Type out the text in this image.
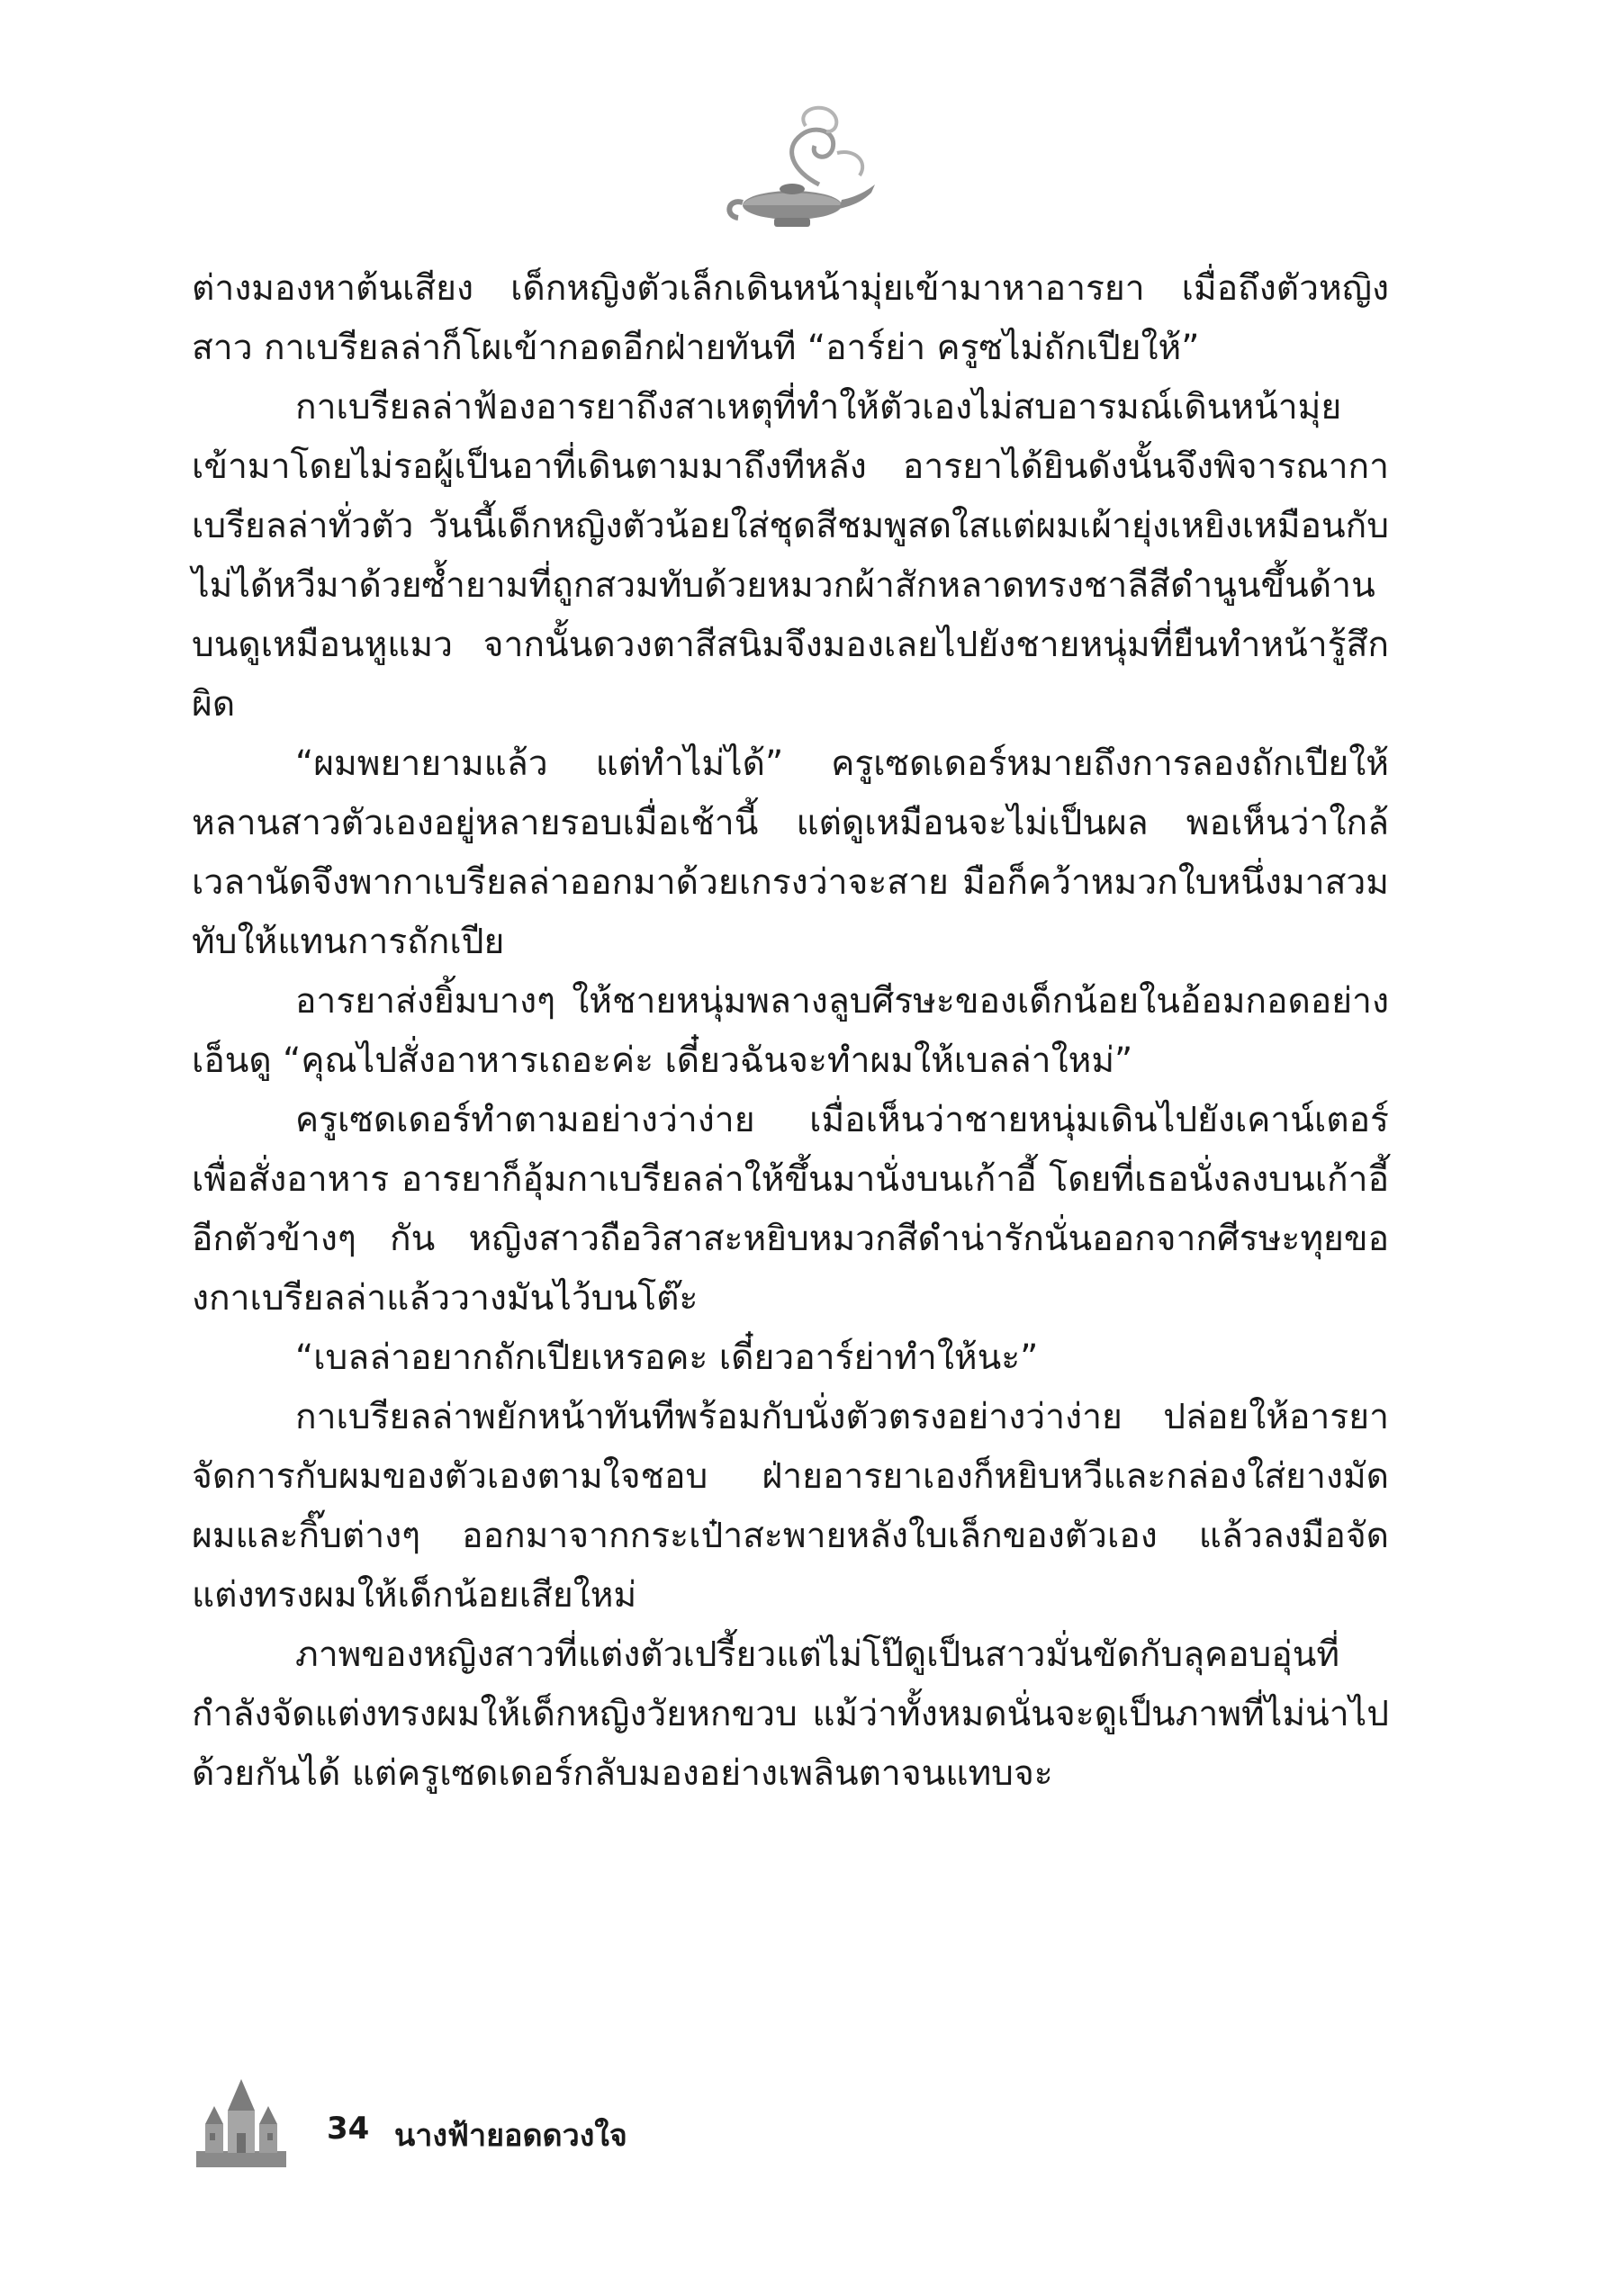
ต่างมองหาต้นเสียง เด็กหญิงตัวเล็กเดินหน้ามุ่ยเข้ามาหาอารยา เมื่อถึงตัวหญิงสาว กาเบรียลล่าก็โผเข้ากอดอีกฝ่ายทันที “อาร์ย่า ครูซไม่ถักเปียให้”

กาเบรียลล่าฟ้องอารยาถึงสาเหตุที่ทำให้ตัวเองไม่สบอารมณ์เดินหน้ามุ่ยเข้ามาโดยไม่รอผู้เป็นอาที่เดินตามมาถึงทีหลัง อารยาได้ยินดังนั้นจึงพิจารณากาเบรียลล่าทั่วตัว วันนี้เด็กหญิงตัวน้อยใส่ชุดสีชมพูสดใสแต่ผมเผ้ายุ่งเหยิงเหมือนกับไม่ได้หวีมาด้วยซ้ำยามที่ถูกสวมทับด้วยหมวกผ้าสักหลาดทรงชาลีสีดำนูนขึ้นด้านบนดูเหมือนหูแมว จากนั้นดวงตาสีสนิมจึงมองเลยไปยังชายหนุ่มที่ยืนทำหน้ารู้สึกผิด

“ผมพยายามแล้ว แต่ทำไม่ได้” ครูเซดเดอร์หมายถึงการลองถักเปียให้หลานสาวตัวเองอยู่หลายรอบเมื่อเช้านี้ แต่ดูเหมือนจะไม่เป็นผล พอเห็นว่าใกล้เวลานัดจึงพากาเบรียลล่าออกมาด้วยเกรงว่าจะสาย มือก็คว้าหมวกใบหนึ่งมาสวมทับให้แทนการถักเปีย

อารยาส่งยิ้มบางๆ ให้ชายหนุ่มพลางลูบศีรษะของเด็กน้อยในอ้อมกอดอย่างเอ็นดู “คุณไปสั่งอาหารเถอะค่ะ เดี๋ยวฉันจะทำผมให้เบลล่าใหม่”

ครูเซดเดอร์ทำตามอย่างว่าง่าย เมื่อเห็นว่าชายหนุ่มเดินไปยังเคาน์เตอร์เพื่อสั่งอาหาร อารยาก็อุ้มกาเบรียลล่าให้ขึ้นมานั่งบนเก้าอี้ โดยที่เธอนั่งลงบนเก้าอี้อีกตัวข้างๆ กัน หญิงสาวถือวิสาสะหยิบหมวกสีดำน่ารักนั่นออกจากศีรษะทุยของกาเบรียลล่าแล้ววางมันไว้บนโต๊ะ

“เบลล่าอยากถักเปียเหรอคะ เดี๋ยวอาร์ย่าทำให้นะ”

กาเบรียลล่าพยักหน้าทันทีพร้อมกับนั่งตัวตรงอย่างว่าง่าย ปล่อยให้อารยาจัดการกับผมของตัวเองตามใจชอบ ฝ่ายอารยาเองก็หยิบหวีและกล่องใส่ยางมัดผมและกิ๊บต่างๆ ออกมาจากกระเป๋าสะพายหลังใบเล็กของตัวเอง แล้วลงมือจัดแต่งทรงผมให้เด็กน้อยเสียใหม่

ภาพของหญิงสาวที่แต่งตัวเปรี้ยวแต่ไม่โป๊ดูเป็นสาวมั่นขัดกับลุคอบอุ่นที่กำลังจัดแต่งทรงผมให้เด็กหญิงวัยหกขวบ แม้ว่าทั้งหมดนั่นจะดูเป็นภาพที่ไม่น่าไปด้วยกันได้ แต่ครูเซดเดอร์กลับมองอย่างเพลินตาจนแทบจะ

34 นางฟ้ายอดดวงใจ
